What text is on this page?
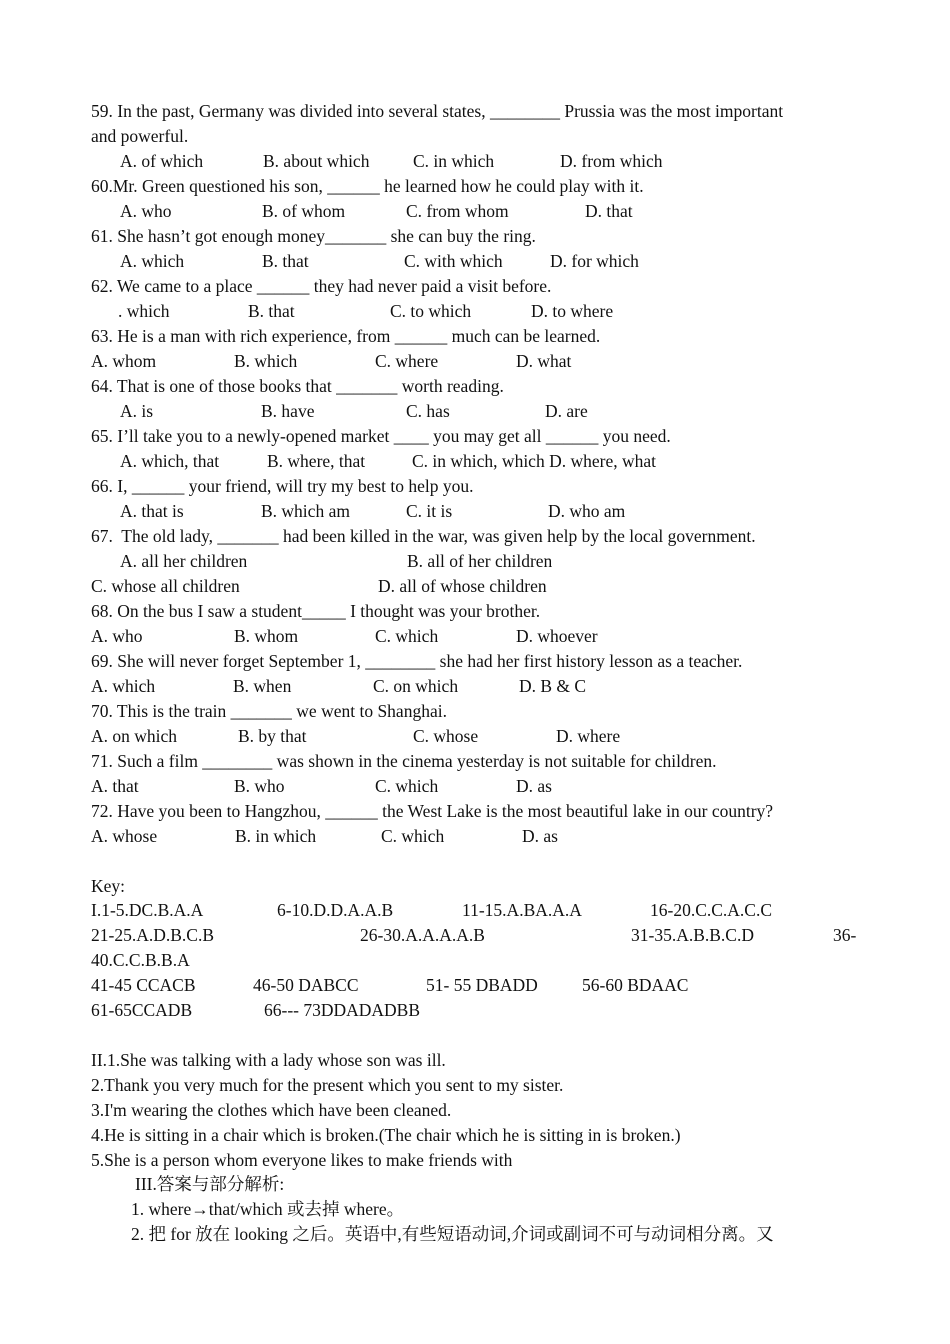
59. In the past, Germany was divided into several states, ________ Prussia was the most important

and powerful.

A. of which

	B. about which

C. in which

	D. from which

60.Mr. Green questioned his son, ______ he learned how he could play with it.

A. who

	B. of whom

	C. from whom

	D. that

61. She hasn’t got enough money_______ she can buy the ring.

A. which

	B. that

	C. with which

	D. for which

62. We came to a place ______ they had never paid a visit before.

. which

	B. that

	C. to which

	D. to where

63. He is a man with rich experience, from ______ much can be learned.

A. whom

	B. which

	C. where

	D. what

64. That is one of those books that _______ worth reading.

A. is

	B. have

	C. has

	D. are

65. I’ll take you to a newly-opened market ____ you may get all ______ you need.

A. which, that

	B. where, that

	C. in which, which D. where, what

66. I, ______ your friend, will try my best to help you.

A. that is

	B. which am

	C. it is

	D. who am

67.  The old lady, _______ had been killed in the war, was given help by the local government.

A. all her children

	B. all of her children

C. whose all children

	D. all of whose children

68. On the bus I saw a student_____ I thought was your brother.

A. who

	B. whom

	C. which

	D. whoever

69. She will never forget September 1, ________ she had her first history lesson as a teacher.

A. which

	B. when

	C. on which

	D. B & C

70. This is the train _______ we went to Shanghai.

A. on which

	B. by that

	C. whose

	D. where

71. Such a film ________ was shown in the cinema yesterday is not suitable for children.

A. that

	B. who

	C. which

	D. as

72. Have you been to Hangzhou, ______ the West Lake is the most beautiful lake in our country?

A. whose

	B. in which

	C. which

	D. as

Key:

I.1-5.DC.B.A.A

	6-10.D.D.A.A.B

	11-15.A.BA.A.A

	16-20.C.C.A.C.C

21-25.A.D.B.C.B

	26-30.A.A.A.A.B

	31-35.A.B.B.C.D

	36-

40.C.C.B.B.A

41-45 CCACB

	46-50 DABCC

	51- 55 DBADD

	56-60 BDAAC

61-65CCADB

	66--- 73DDADADBB

II.1.She was talking with a lady whose son was ill.

2.Thank you very much for the present which you sent to my sister.

3.I'm wearing the clothes which have been cleaned.

4.He is sitting in a chair which is broken.(The chair which he is sitting in is broken.)

5.She is a person whom everyone likes to make friends with

III.答案与部分解析:

1. where→that/which 或去掉 where。

2. 把 for 放在 looking 之后。英语中,有些短语动词,介词或副词不可与动词相分离。又
